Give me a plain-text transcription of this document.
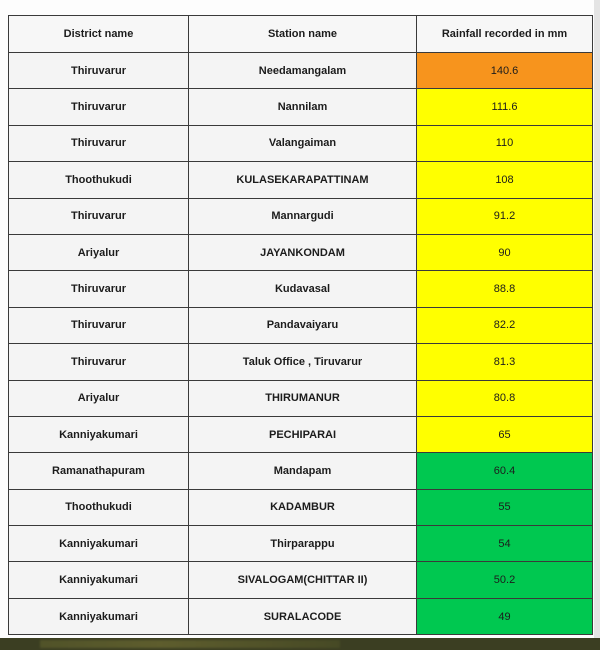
District name	Station name	Rainfall recorded in mm
Thiruvarur	Needamangalam	140.6
Thiruvarur	Nannilam	111.6
Thiruvarur	Valangaiman	110
Thoothukudi	KULASEKARAPATTINAM	108
Thiruvarur	Mannargudi	91.2
Ariyalur	JAYANKONDAM	90
Thiruvarur	Kudavasal	88.8
Thiruvarur	Pandavaiyaru	82.2
Thiruvarur	Taluk Office , Tiruvarur	81.3
Ariyalur	THIRUMANUR	80.8
Kanniyakumari	PECHIPARAI	65
Ramanathapuram	Mandapam	60.4
Thoothukudi	KADAMBUR	55
Kanniyakumari	Thirparappu	54
Kanniyakumari	SIVALOGAM(CHITTAR II)	50.2
Kanniyakumari	SURALACODE	49
